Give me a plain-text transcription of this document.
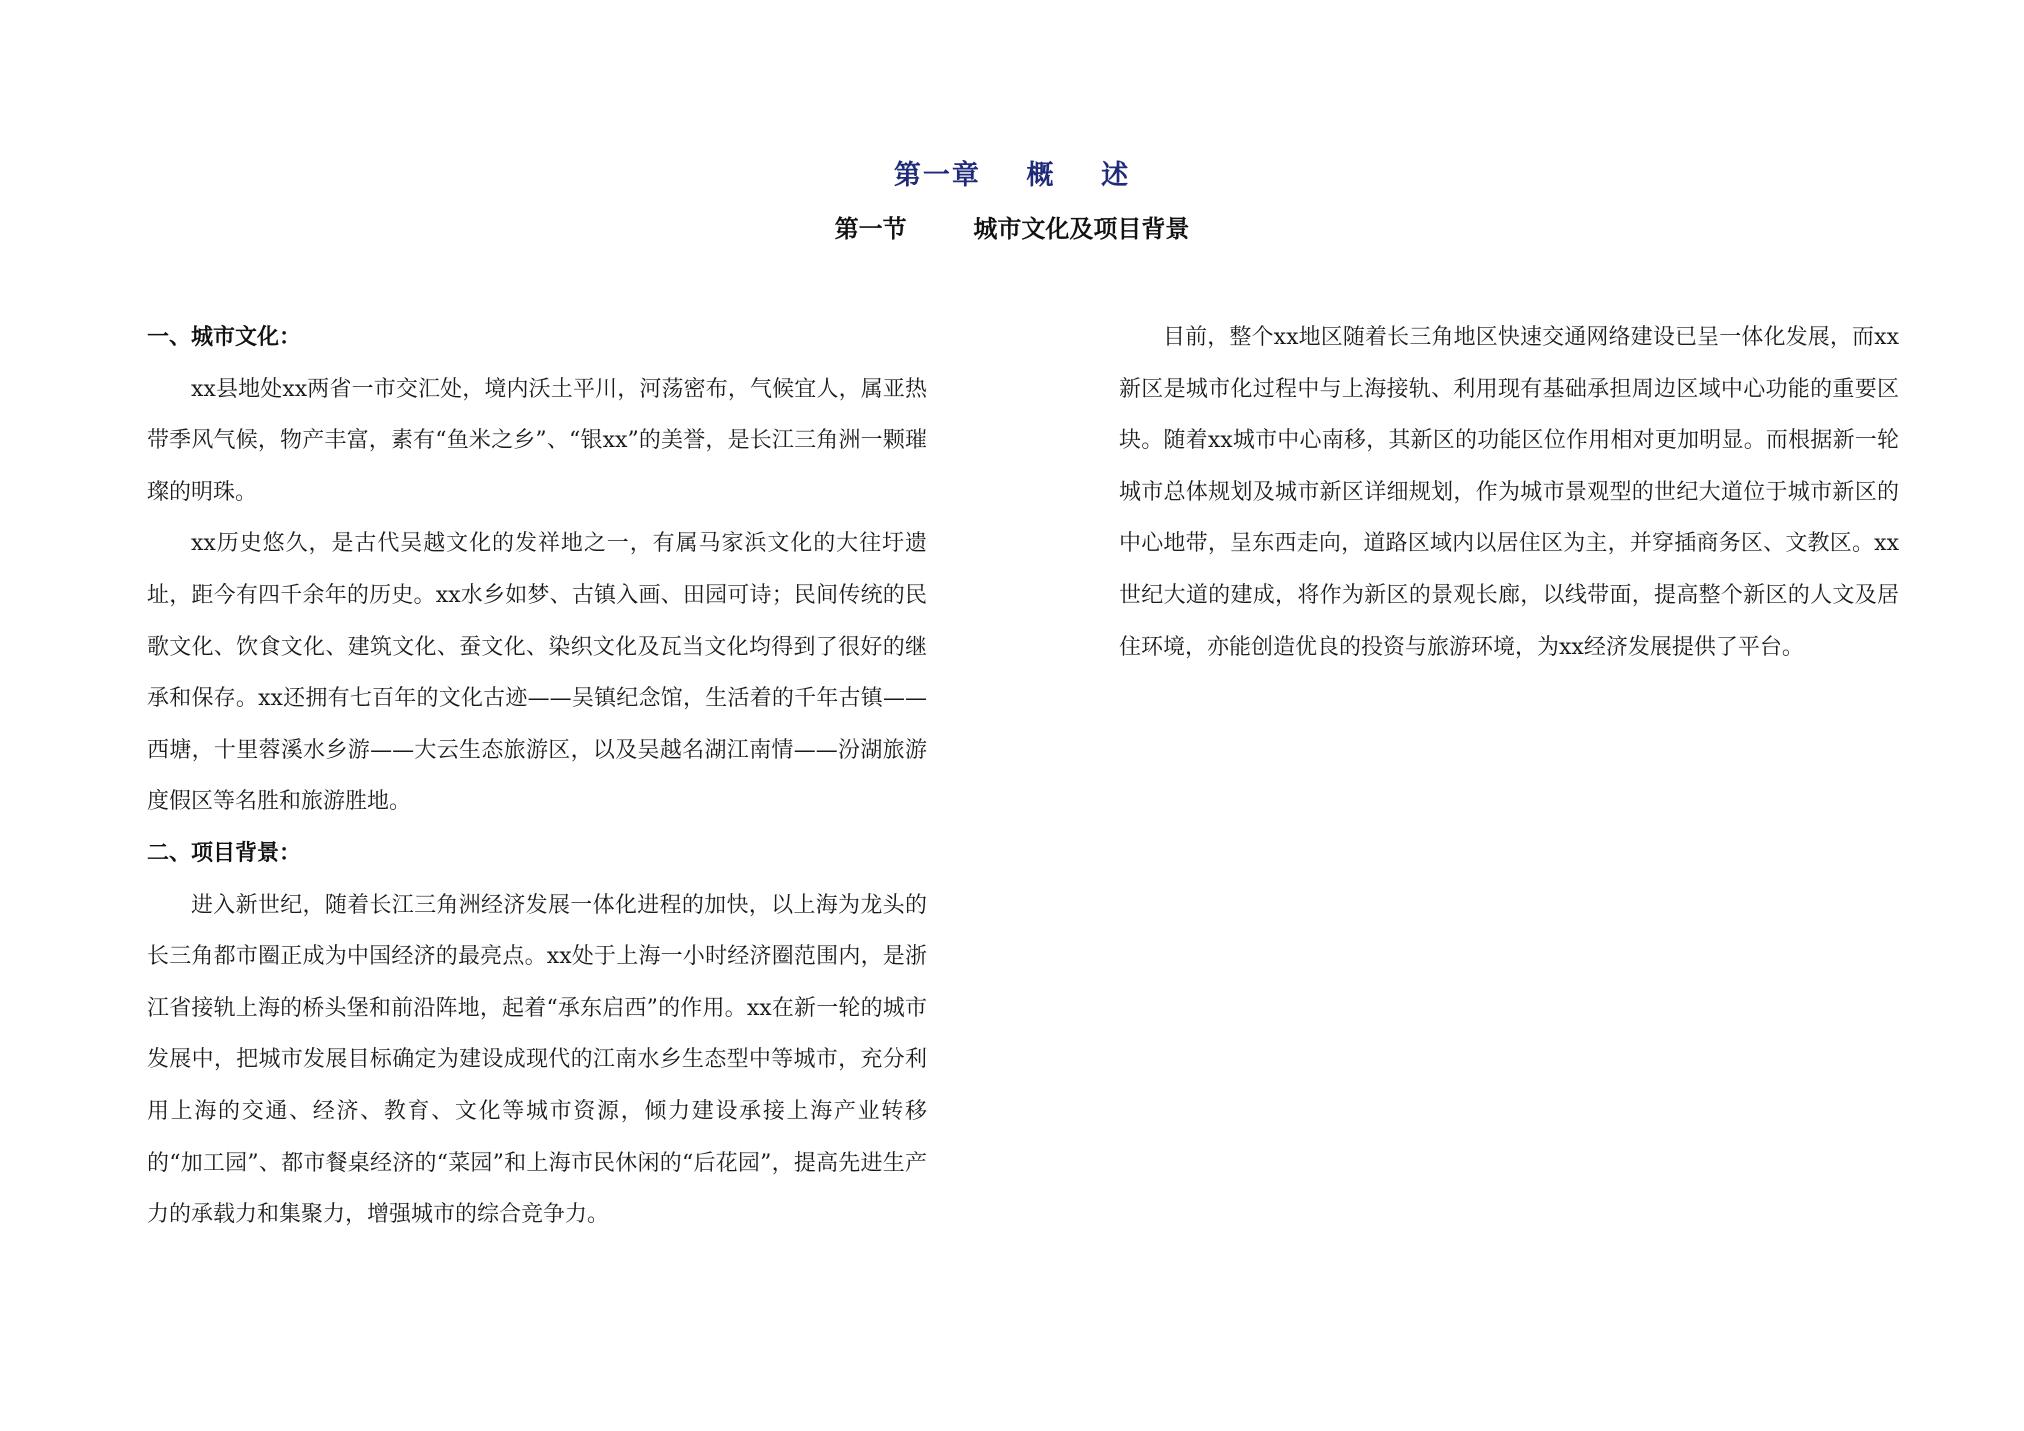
第一章    概    述
第一节        城市文化及项目背景

一、城市文化：

xx县地处xx两省一市交汇处，境内沃土平川，河荡密布，气候宜人，属亚热带季风气候，物产丰富，素有“鱼米之乡”、“银xx”的美誉，是长江三角洲一颗璀璨的明珠。

xx历史悠久，是古代吴越文化的发祥地之一，有属马家浜文化的大往圩遗址，距今有四千余年的历史。xx水乡如梦、古镇入画、田园可诗；民间传统的民歌文化、饮食文化、建筑文化、蚕文化、染织文化及瓦当文化均得到了很好的继承和保存。xx还拥有七百年的文化古迹——吴镇纪念馆，生活着的千年古镇——西塘，十里蓉溪水乡游——大云生态旅游区，以及吴越名湖江南情——汾湖旅游度假区等名胜和旅游胜地。

二、项目背景：

进入新世纪，随着长江三角洲经济发展一体化进程的加快，以上海为龙头的长三角都市圈正成为中国经济的最亮点。xx处于上海一小时经济圈范围内，是浙江省接轨上海的桥头堡和前沿阵地，起着“承东启西”的作用。xx在新一轮的城市发展中，把城市发展目标确定为建设成现代的江南水乡生态型中等城市，充分利用上海的交通、经济、教育、文化等城市资源，倾力建设承接上海产业转移的“加工园”、都市餐桌经济的“菜园”和上海市民休闲的“后花园”，提高先进生产力的承载力和集聚力，增强城市的综合竞争力。

目前，整个xx地区随着长三角地区快速交通网络建设已呈一体化发展，而xx新区是城市化过程中与上海接轨、利用现有基础承担周边区域中心功能的重要区块。随着xx城市中心南移，其新区的功能区位作用相对更加明显。而根据新一轮城市总体规划及城市新区详细规划，作为城市景观型的世纪大道位于城市新区的中心地带，呈东西走向，道路区域内以居住区为主，并穿插商务区、文教区。xx世纪大道的建成，将作为新区的景观长廊，以线带面，提高整个新区的人文及居住环境，亦能创造优良的投资与旅游环境，为xx经济发展提供了平台。
